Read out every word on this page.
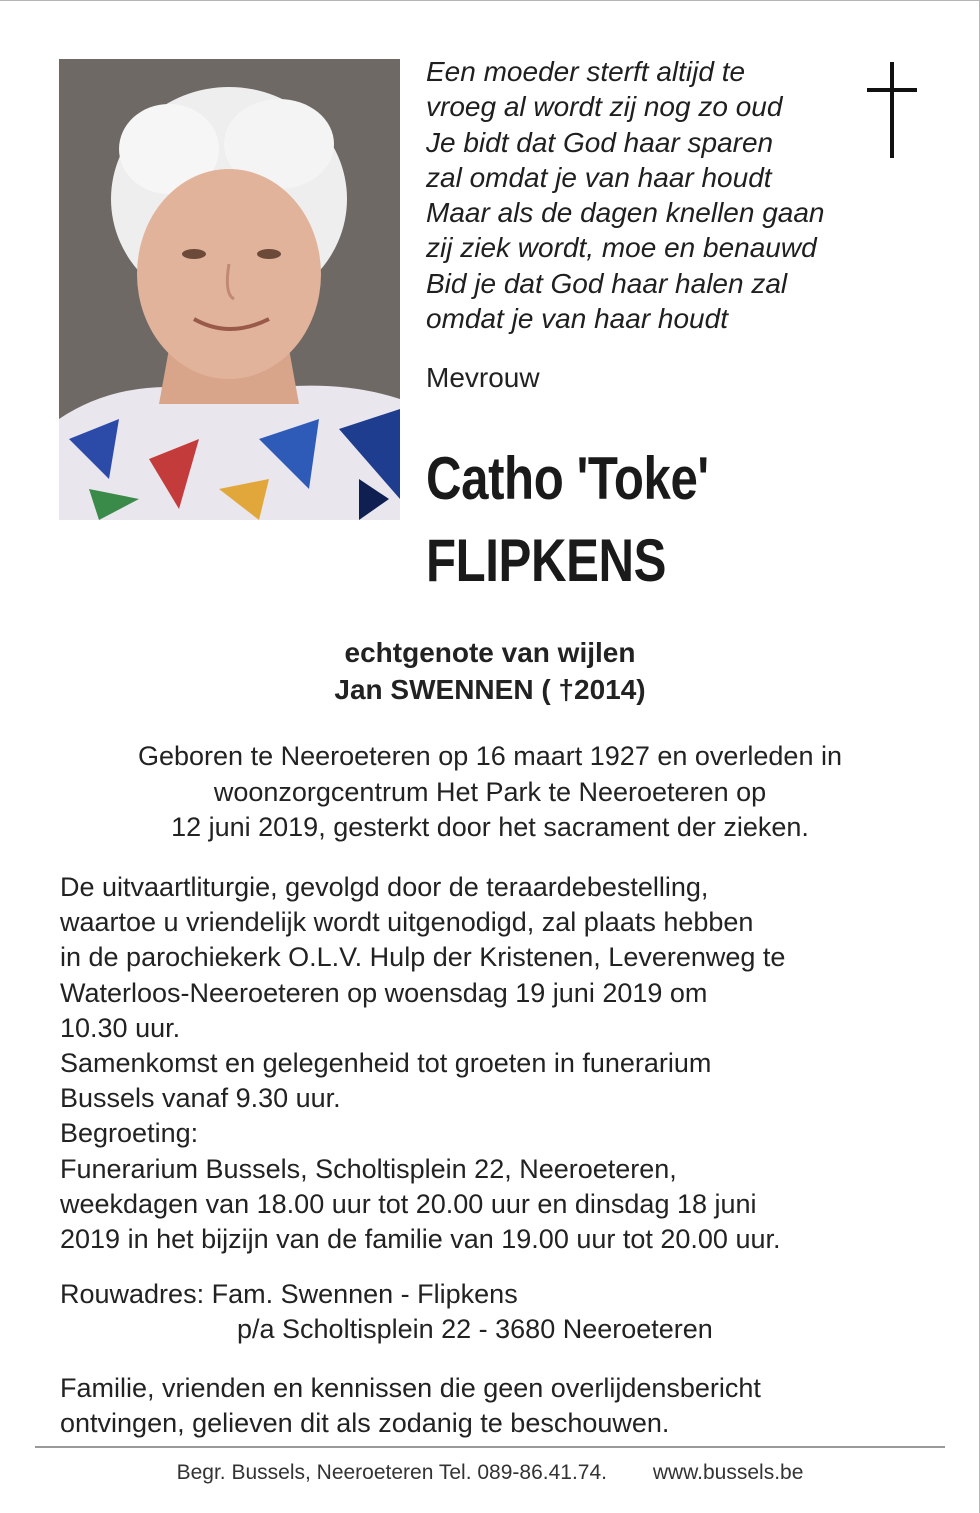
Een moeder sterft altijd te
vroeg al wordt zij nog zo oud
Je bidt dat God haar sparen
zal omdat je van haar houdt
Maar als de dagen knellen gaan
zij ziek wordt, moe en benauwd
Bid je dat God haar halen zal
omdat je van haar houdt
Mevrouw
Catho 'Toke'
FLIPKENS
echtgenote van wijlen
Jan SWENNEN ( †2014)
Geboren te Neeroeteren op 16 maart 1927 en overleden in
woonzorgcentrum Het Park te Neeroeteren op
12 juni 2019, gesterkt door het sacrament der zieken.
De uitvaartliturgie, gevolgd door de teraardebestelling,
waartoe u vriendelijk wordt uitgenodigd, zal plaats hebben
in de parochiekerk O.L.V. Hulp der Kristenen, Leverenweg te
Waterloos-Neeroeteren op woensdag 19 juni 2019 om
10.30 uur.
Samenkomst en gelegenheid tot groeten in funerarium
Bussels vanaf 9.30 uur.
Begroeting:
Funerarium Bussels, Scholtisplein 22, Neeroeteren,
weekdagen van 18.00 uur tot 20.00 uur en dinsdag 18 juni
2019 in het bijzijn van de familie van 19.00 uur tot 20.00 uur.
Rouwadres: Fam. Swennen - Flipkens
p/a Scholtisplein 22 - 3680 Neeroeteren
Familie, vrienden en kennissen die geen overlijdensbericht
ontvingen, gelieven dit als zodanig te beschouwen.
Begr. Bussels, Neeroeteren Tel. 089-86.41.74. www.bussels.be
